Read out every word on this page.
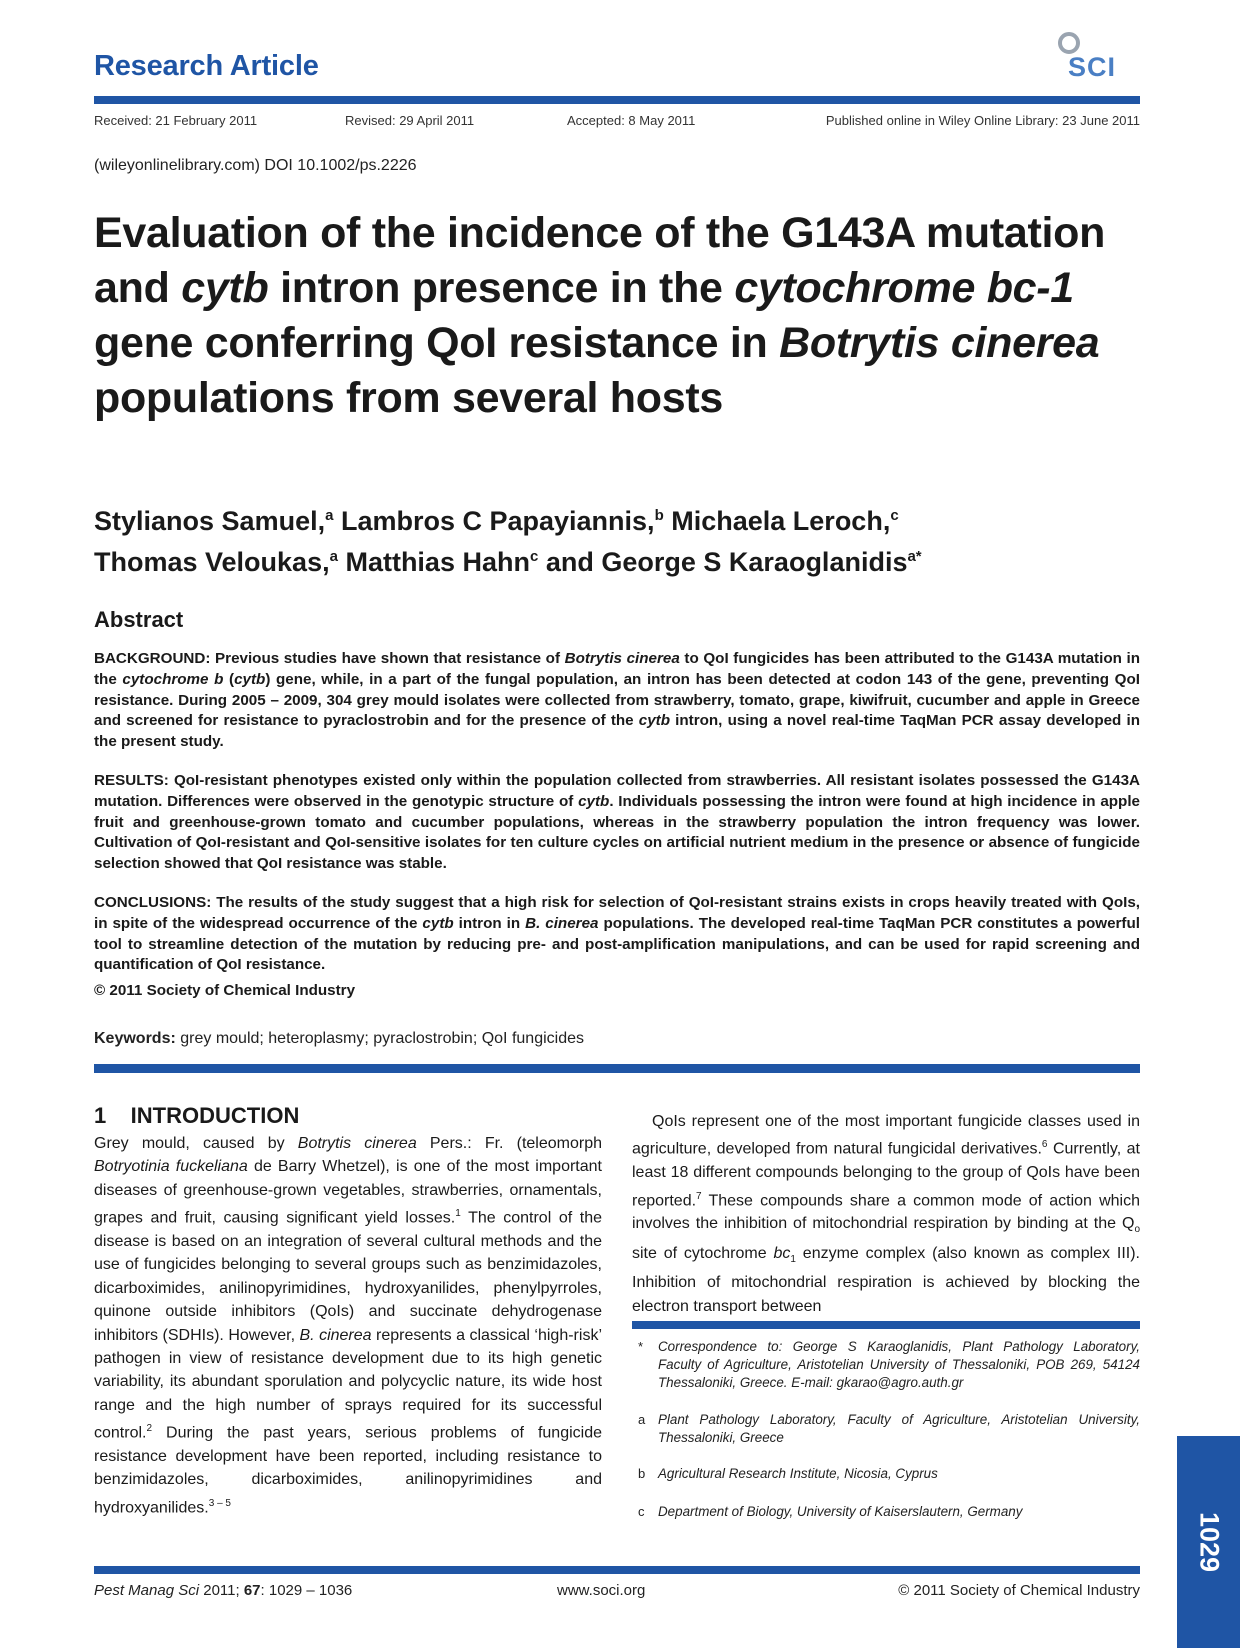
Research Article	SCI
Received: 21 February 2011	Revised: 29 April 2011	Accepted: 8 May 2011	Published online in Wiley Online Library: 23 June 2011
(wileyonlinelibrary.com) DOI 10.1002/ps.2226
Evaluation of the incidence of the G143A mutation and cytb intron presence in the cytochrome bc-1 gene conferring QoI resistance in Botrytis cinerea populations from several hosts
Stylianos Samuel,$^a$ Lambros C Papayiannis,$^b$ Michaela Leroch,$^c$
Thomas Veloukas,$^a$ Matthias Hahn$^c$ and George S Karaoglanidis$^{a*}$
Abstract
BACKGROUND: Previous studies have shown that resistance of Botrytis cinerea to QoI fungicides has been attributed to the G143A mutation in the cytochrome b (cytb) gene, while, in a part of the fungal population, an intron has been detected at codon 143 of the gene, preventing QoI resistance. During 2005 – 2009, 304 grey mould isolates were collected from strawberry, tomato, grape, kiwifruit, cucumber and apple in Greece and screened for resistance to pyraclostrobin and for the presence of the cytb intron, using a novel real-time TaqMan PCR assay developed in the present study.
RESULTS: QoI-resistant phenotypes existed only within the population collected from strawberries. All resistant isolates possessed the G143A mutation. Differences were observed in the genotypic structure of cytb. Individuals possessing the intron were found at high incidence in apple fruit and greenhouse-grown tomato and cucumber populations, whereas in the strawberry population the intron frequency was lower. Cultivation of QoI-resistant and QoI-sensitive isolates for ten culture cycles on artificial nutrient medium in the presence or absence of fungicide selection showed that QoI resistance was stable.
CONCLUSIONS: The results of the study suggest that a high risk for selection of QoI-resistant strains exists in crops heavily treated with QoIs, in spite of the widespread occurrence of the cytb intron in B. cinerea populations. The developed real-time TaqMan PCR constitutes a powerful tool to streamline detection of the mutation by reducing pre- and post-amplification manipulations, and can be used for rapid screening and quantification of QoI resistance.
© 2011 Society of Chemical Industry
Keywords: grey mould; heteroplasmy; pyraclostrobin; QoI fungicides
1    INTRODUCTION
Grey mould, caused by Botrytis cinerea Pers.: Fr. (teleomorph Botryotinia fuckeliana de Barry Whetzel), is one of the most important diseases of greenhouse-grown vegetables, strawberries, ornamentals, grapes and fruit, causing significant yield losses.$^1$ The control of the disease is based on an integration of several cultural methods and the use of fungicides belonging to several groups such as benzimidazoles, dicarboximides, anilinopyrimidines, hydroxyanilides, phenylpyrroles, quinone outside inhibitors (QoIs) and succinate dehydrogenase inhibitors (SDHIs). However, B. cinerea represents a classical ‘high-risk’ pathogen in view of resistance development due to its high genetic variability, its abundant sporulation and polycyclic nature, its wide host range and the high number of sprays required for its successful control.$^2$ During the past years, serious problems of fungicide resistance development have been reported, including resistance to benzimidazoles, dicarboximides, anilinopyrimidines and hydroxyanilides.$^{3 - 5}$
QoIs represent one of the most important fungicide classes used in agriculture, developed from natural fungicidal derivatives.$^6$ Currently, at least 18 different compounds belonging to the group of QoIs have been reported.$^7$ These compounds share a common mode of action which involves the inhibition of mitochondrial respiration by binding at the $Q_o$ site of cytochrome $bc_1$ enzyme complex (also known as complex III). Inhibition of mitochondrial respiration is achieved by blocking the electron transport between
* Correspondence to: George S Karaoglanidis, Plant Pathology Laboratory, Faculty of Agriculture, Aristotelian University of Thessaloniki, POB 269, 54124 Thessaloniki, Greece. E-mail: gkarao@agro.auth.gr
a Plant Pathology Laboratory, Faculty of Agriculture, Aristotelian University, Thessaloniki, Greece
b Agricultural Research Institute, Nicosia, Cyprus
c Department of Biology, University of Kaiserslautern, Germany
Pest Manag Sci 2011; 67: 1029 – 1036	www.soci.org	© 2011 Society of Chemical Industry
1029
